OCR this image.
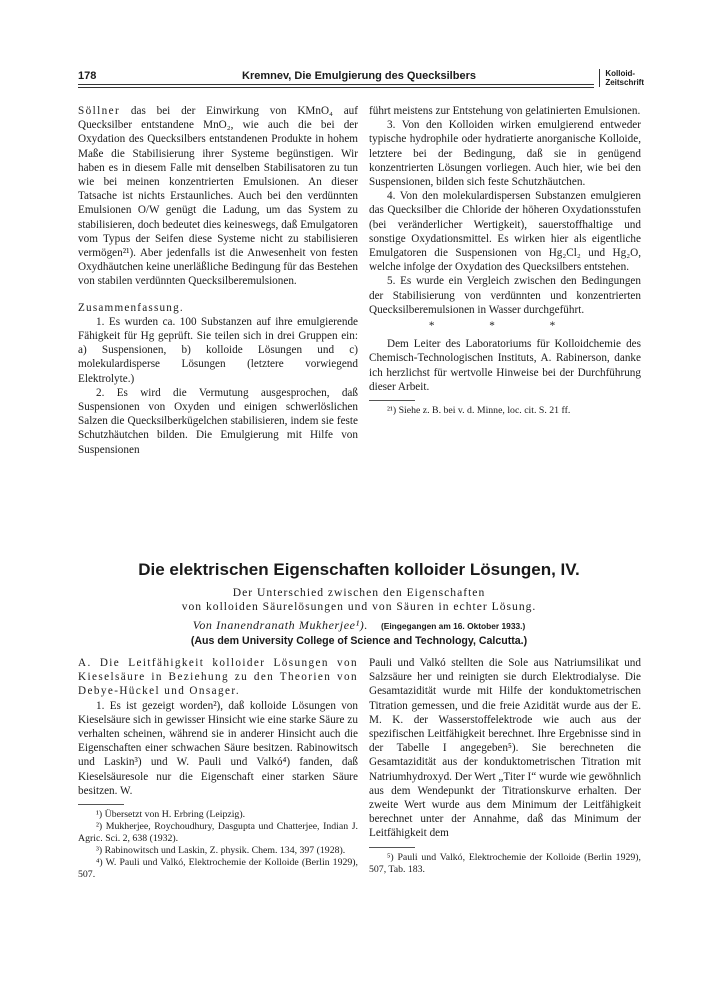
178	Kremnev, Die Emulgierung des Quecksilbers	Kolloid-
Zeitschrift

Söllner das bei der Einwirkung von KMnO₄ auf Quecksilber entstandene MnO₂, wie auch die bei der Oxydation des Quecksilbers entstandenen Produkte in hohem Maße die Stabilisierung ihrer Systeme begünstigen. Wir haben es in diesem Falle mit denselben Stabilisatoren zu tun wie bei meinen konzentrierten Emulsionen. An dieser Tatsache ist nichts Erstaunliches. Auch bei den verdünnten Emulsionen O/W genügt die Ladung, um das System zu stabilisieren, doch bedeutet dies keineswegs, daß Emulgatoren vom Typus der Seifen diese Systeme nicht zu stabilisieren vermögen²¹). Aber jedenfalls ist die Anwesenheit von festen Oxydhäutchen keine unerläßliche Bedingung für das Bestehen von stabilen verdünnten Quecksilberemulsionen.

Zusammenfassung.

1. Es wurden ca. 100 Substanzen auf ihre emulgierende Fähigkeit für Hg geprüft. Sie teilen sich in drei Gruppen ein: a) Suspensionen, b) kolloide Lösungen und c) molekulardisperse Lösungen (letztere vorwiegend Elektrolyte.)

2. Es wird die Vermutung ausgesprochen, daß Suspensionen von Oxyden und einigen schwerlöslichen Salzen die Quecksilberkügelchen stabilisieren, indem sie feste Schutzhäutchen bilden. Die Emulgierung mit Hilfe von Suspensionen

führt meistens zur Entstehung von gelatinierten Emulsionen.

3. Von den Kolloiden wirken emulgierend entweder typische hydrophile oder hydratierte anorganische Kolloide, letztere bei der Bedingung, daß sie in genügend konzentrierten Lösungen vorliegen. Auch hier, wie bei den Suspensionen, bilden sich feste Schutzhäutchen.

4. Von den molekulardispersen Substanzen emulgieren das Quecksilber die Chloride der höheren Oxydationsstufen (bei veränderlicher Wertigkeit), sauerstoffhaltige und sonstige Oxydationsmittel. Es wirken hier als eigentliche Emulgatoren die Suspensionen von Hg₂Cl₂ und Hg₂O, welche infolge der Oxydation des Quecksilbers entstehen.

5. Es wurde ein Vergleich zwischen den Bedingungen der Stabilisierung von verdünnten und konzentrierten Quecksilberemulsionen in Wasser durchgeführt.

* * *

Dem Leiter des Laboratoriums für Kolloidchemie des Chemisch-Technologischen Instituts, A. Rabinerson, danke ich herzlichst für wertvolle Hinweise bei der Durchführung dieser Arbeit.

²¹) Siehe z. B. bei v. d. Minne, loc. cit. S. 21 ff.

Die elektrischen Eigenschaften kolloider Lösungen, IV.
Der Unterschied zwischen den Eigenschaften
von kolloiden Säurelösungen und von Säuren in echter Lösung.
Von Inanendranath Mukherjee¹). (Eingegangen am 16. Oktober 1933.)
(Aus dem University College of Science and Technology, Calcutta.)

A. Die Leitfähigkeit kolloider Lösungen von Kieselsäure in Beziehung zu den Theorien von Debye-Hückel und Onsager.

1. Es ist gezeigt worden²), daß kolloide Lösungen von Kieselsäure sich in gewisser Hinsicht wie eine starke Säure zu verhalten scheinen, während sie in anderer Hinsicht auch die Eigenschaften einer schwachen Säure besitzen. Rabinowitsch und Laskin³) und W. Pauli und Valkó⁴) fanden, daß Kieselsäuresole nur die Eigenschaft einer starken Säure besitzen. W.

¹) Übersetzt von H. Erbring (Leipzig).

²) Mukherjee, Roychoudhury, Dasgupta und Chatterjee, Indian J. Agric. Sci. 2, 638 (1932).

³) Rabinowitsch und Laskin, Z. physik. Chem. 134, 397 (1928).

⁴) W. Pauli und Valkó, Elektrochemie der Kolloide (Berlin 1929), 507.

Pauli und Valkó stellten die Sole aus Natriumsilikat und Salzsäure her und reinigten sie durch Elektrodialyse. Die Gesamtazidität wurde mit Hilfe der konduktometrischen Titration gemessen, und die freie Azidität wurde aus der E. M. K. der Wasserstoffelektrode wie auch aus der spezifischen Leitfähigkeit berechnet. Ihre Ergebnisse sind in der Tabelle I angegeben⁵). Sie berechneten die Gesamtazidität aus der konduktometrischen Titration mit Natriumhydroxyd. Der Wert „Titer I“ wurde wie gewöhnlich aus dem Wendepunkt der Titrationskurve erhalten. Der zweite Wert wurde aus dem Minimum der Leitfähigkeit berechnet unter der Annahme, daß das Minimum der Leitfähigkeit dem

⁵) Pauli und Valkó, Elektrochemie der Kolloide (Berlin 1929), 507, Tab. 183.
